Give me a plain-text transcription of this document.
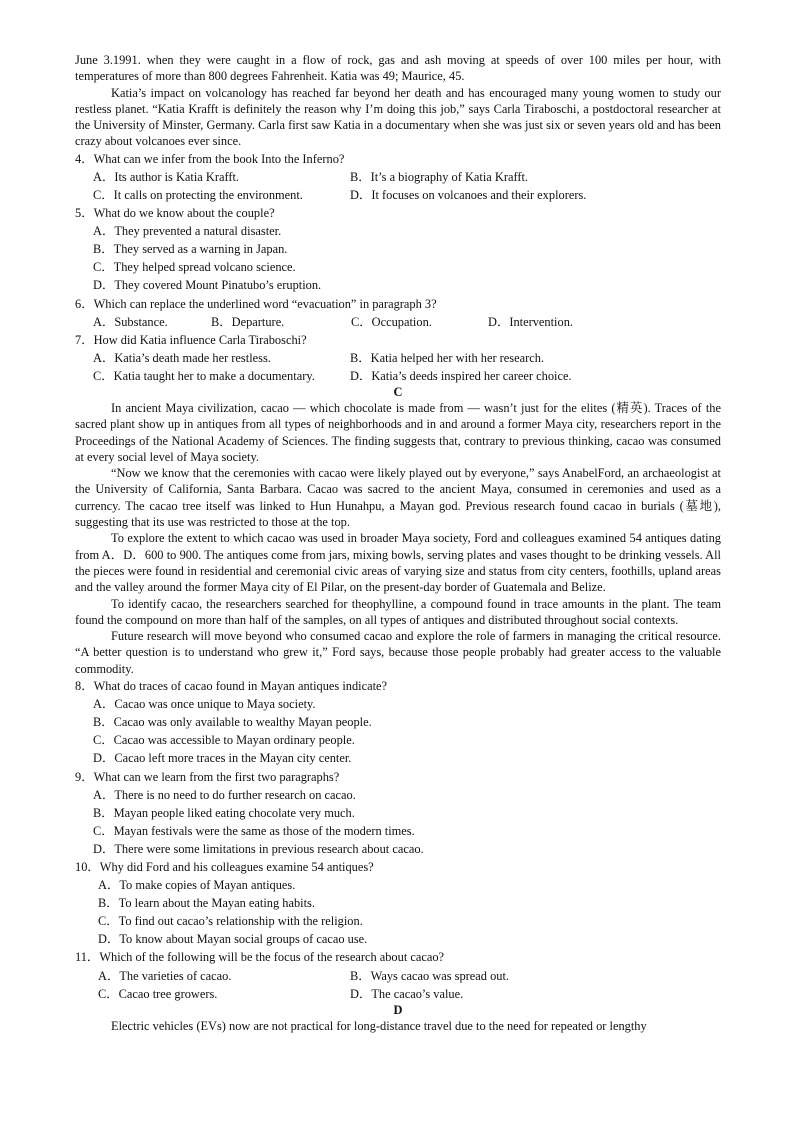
June 3.1991. when they were caught in a flow of rock, gas and ash moving at speeds of over 100 miles per hour, with temperatures of more than 800 degrees Fahrenheit. Katia was 49; Maurice, 45.

Katia’s impact on volcanology has reached far beyond her death and has encouraged many young women to study our restless planet. “Katia Krafft is definitely the reason why I’m doing this job,” says Carla Tiraboschi, a postdoctoral researcher at the University of Minster, Germany. Carla first saw Katia in a documentary when she was just six or seven years old and has been crazy about volcanoes ever since.

4．What can we infer from the book Into the Inferno?

A．Its author is Katia Krafft.	B．It’s a biography of Katia Krafft.

C．It calls on protecting the environment.	D．It focuses on volcanoes and their explorers.

5．What do we know about the couple?

A．They prevented a natural disaster.

B．They served as a warning in Japan.

C．They helped spread volcano science.

D．They covered Mount Pinatubo’s eruption.

6．Which can replace the underlined word “evacuation” in paragraph 3?

A．Substance.	B．Departure.	C．Occupation.	D．Intervention.

7．How did Katia influence Carla Tiraboschi?

A．Katia’s death made her restless.	B．Katia helped her with her research.

C．Katia taught her to make a documentary.	D．Katia’s deeds inspired her career choice.

C

In ancient Maya civilization, cacao — which chocolate is made from — wasn’t just for the elites (精英). Traces of the sacred plant show up in antiques from all types of neighborhoods and in and around a former Maya city, researchers report in the Proceedings of the National Academy of Sciences. The finding suggests that, contrary to previous thinking, cacao was consumed at every social level of Maya society.

“Now we know that the ceremonies with cacao were likely played out by everyone,” says AnabelFord, an archaeologist at the University of California, Santa Barbara. Cacao was sacred to the ancient Maya, consumed in ceremonies and used as a currency. The cacao tree itself was linked to Hun Hunahpu, a Mayan god. Previous research found cacao in burials (墓地), suggesting that its use was restricted to those at the top.

To explore the extent to which cacao was used in broader Maya society, Ford and colleagues examined 54 antiques dating from A．D．600 to 900. The antiques come from jars, mixing bowls, serving plates and vases thought to be drinking vessels. All the pieces were found in residential and ceremonial civic areas of varying size and status from city centers, foothills, upland areas and the valley around the former Maya city of El Pilar, on the present-day border of Guatemala and Belize.

To identify cacao, the researchers searched for theophylline, a compound found in trace amounts in the plant. The team found the compound on more than half of the samples, on all types of antiques and distributed throughout social contexts.

Future research will move beyond who consumed cacao and explore the role of farmers in managing the critical resource. “A better question is to understand who grew it,” Ford says, because those people probably had greater access to the valuable commodity.

8．What do traces of cacao found in Mayan antiques indicate?

A．Cacao was once unique to Maya society.

B．Cacao was only available to wealthy Mayan people.

C．Cacao was accessible to Mayan ordinary people.

D．Cacao left more traces in the Mayan city center.

9．What can we learn from the first two paragraphs?

A．There is no need to do further research on cacao.

B．Mayan people liked eating chocolate very much.

C．Mayan festivals were the same as those of the modern times.

D．There were some limitations in previous research about cacao.

10．Why did Ford and his colleagues examine 54 antiques?

A．To make copies of Mayan antiques.

B．To learn about the Mayan eating habits.

C．To find out cacao’s relationship with the religion.

D．To know about Mayan social groups of cacao use.

11．Which of the following will be the focus of the research about cacao?

A．The varieties of cacao.	B．Ways cacao was spread out.

C．Cacao tree growers.	D．The cacao’s value.

D

Electric vehicles (EVs) now are not practical for long-distance travel due to the need for repeated or lengthy
